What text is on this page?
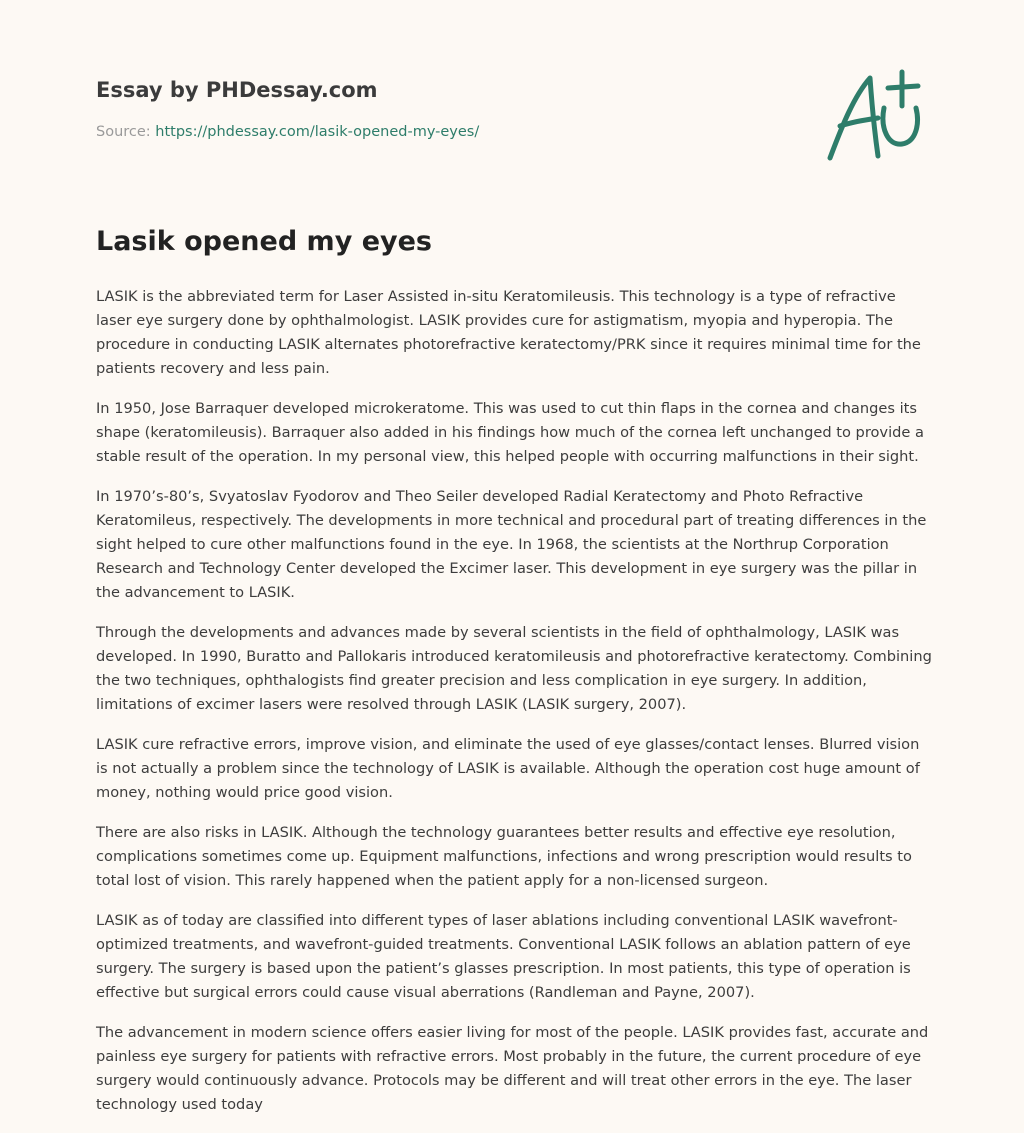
Essay by PHDessay.com
Source: https://phdessay.com/lasik-opened-my-eyes/
Lasik opened my eyes

LASIK is the abbreviated term for Laser Assisted in-situ Keratomileusis. This technology is a type of refractive laser eye surgery done by ophthalmologist. LASIK provides cure for astigmatism, myopia and hyperopia. The procedure in conducting LASIK alternates photorefractive keratectomy/PRK since it requires minimal time for the patients recovery and less pain.

In 1950, Jose Barraquer developed microkeratome. This was used to cut thin flaps in the cornea and changes its shape (keratomileusis). Barraquer also added in his findings how much of the cornea left unchanged to provide a stable result of the operation. In my personal view, this helped people with occurring malfunctions in their sight.

In 1970’s-80’s, Svyatoslav Fyodorov and Theo Seiler developed Radial Keratectomy and Photo Refractive Keratomileus, respectively. The developments in more technical and procedural part of treating differences in the sight helped to cure other malfunctions found in the eye. In 1968, the scientists at the Northrup Corporation Research and Technology Center developed the Excimer laser. This development in eye surgery was the pillar in the advancement to LASIK.

Through the developments and advances made by several scientists in the field of ophthalmology, LASIK was developed. In 1990, Buratto and Pallokaris introduced keratomileusis and photorefractive keratectomy. Combining the two techniques, ophthalogists find greater precision and less complication in eye surgery. In addition, limitations of excimer lasers were resolved through LASIK (LASIK surgery, 2007).

LASIK cure refractive errors, improve vision, and eliminate the used of eye glasses/contact lenses. Blurred vision is not actually a problem since the technology of LASIK is available. Although the operation cost huge amount of money, nothing would price good vision.

There are also risks in LASIK. Although the technology guarantees better results and effective eye resolution, complications sometimes come up. Equipment malfunctions, infections and wrong prescription would results to total lost of vision. This rarely happened when the patient apply for a non-licensed surgeon.

LASIK as of today are classified into different types of laser ablations including conventional LASIK wavefront-optimized treatments, and wavefront-guided treatments. Conventional LASIK follows an ablation pattern of eye surgery. The surgery is based upon the patient’s glasses prescription. In most patients, this type of operation is effective but surgical errors could cause visual aberrations (Randleman and Payne, 2007).

The advancement in modern science offers easier living for most of the people. LASIK provides fast, accurate and painless eye surgery for patients with refractive errors. Most probably in the future, the current procedure of eye surgery would continuously advance. Protocols may be different and will treat other errors in the eye. The laser technology used today
